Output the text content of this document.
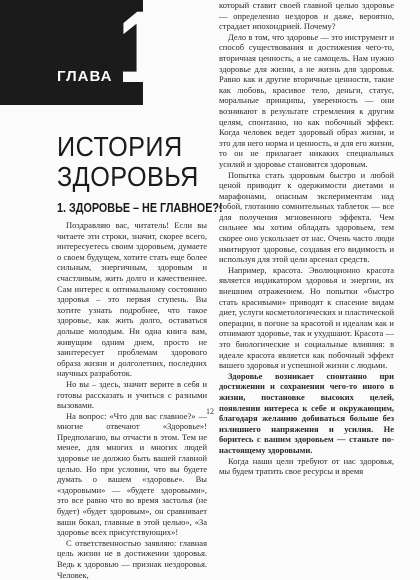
1
ГЛАВА
ИСТОРИЯ
ЗДОРОВЬЯ
1. ЗДОРОВЬЕ – НЕ ГЛАВНОЕ?!

Поздравляю вас, читатель! Если вы читаете эти строки, значит, скорее всего, интересуетесь своим здоровьем, думаете о своем будущем, хотите стать еще более сильным, энергичным, здоровым и счастливым, жить долго и качественнее. Сам интерес к оптимальному состоянию здоровья – это первая ступень. Вы хотите узнать подробнее, что такое здоровье, как жить долго, оставаться дольше молодым. Ни одна книга вам, живущим одним днем, просто не заинтересует проблемам здорового образа жизни и долголетних, последних научных разработок.

Но вы – здесь, значит верите в себя и готовы рассказать и учиться с разными вызовами.

На вопрос: «Что для вас главное?» — многие отвечают «Здоровье»! Предполагаю, вы отчасти в этом. Тем не менее, для многих и многих людей здоровье не должно быть вашей главной целью. Но при условии, что вы будете думать о вашем «здоровье». Вы «здоровыми» — «будете здоровыми», это все равно что во время застолья (не будет) «будет здоровым», он сравнивает ваши бокал, главные в этой целью», «За здоровье всех присутствующих»!

С ответственностью заявляю: главная цель жизни не в достижении здоровья. Ведь к здоровью — признак нездоровья. Человек,

который ставит своей главной целью здоровье — определенно нездоров и даже, вероятно, страдает ипохондрией. Почему?

Дело в том, что здоровье — это инструмент и способ существования и достижения чего-то, вторичная ценность, а не самоцель. Нам нужно здоровье для жизни, а не жизнь для здоровья. Равно как и другие вторичные ценности, такие как любовь, красивое тело, деньги, статус, моральные принципы, уверенность — они возникают в результате стремления к другим целям, спонтанно, но как побочный эффект. Когда человек ведет здоровый образ жизни, и это для него норма и ценность, и для его жизни, то он не прилагает никаких специальных усилий и здоровье становится здоровым.

Попытка стать здоровым быстро и любой ценой приводит к одержимости диетами и марафонами, опасным экспериментам над собой, глотанию сомнительных таблеток — все для получения мгновенного эффекта. Чем сильнее мы хотим обладать здоровьем, тем скорее оно ускользает от нас. Очень часто люди имитируют здоровье, создавая его видимость и используя для этой цели арсенал средств.

Например, красота. Эволюционно красота является индикатором здоровья и энергии, их внешним отражением. Но попытки «быстро стать красивыми» приводят к спасение видам диет, услуги косметологических и пластической операции, в погоне за красотой и идеалам как и отнимают здоровье, так и ухудшают. Красота — это биологические и социальные влияния: в идеале красота является как побочный эффект вашего здоровья и успешной жизни с людьми.

Здоровье возникает спонтанно при достижении и сохранении чего-то иного в жизни, постановке высоких целей, появлении интереса к себе и окружающим, благодаря желанию добиваться больше без излишнего напряжения и усилия. Не боритесь с вашим здоровьем — станьте по-настоящему здоровыми.

Когда наши цели требуют от нас здоровья, мы будем тратить свое ресурсы и время

12
